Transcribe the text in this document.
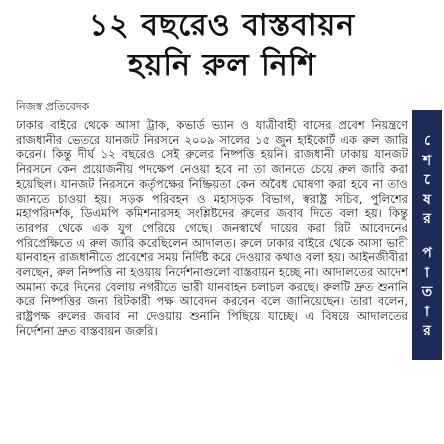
১২ বছরেও বাস্তবায়ন
হয়নি রুল নিশি
নিজস্ব প্রতিবেদক

ঢাকার বাইরে থেকে আসা ট্রাক, কভার্ড ভ্যান ও যাত্রীবাহী বাসের প্রবেশ নিয়ন্ত্রণে রাজধানীর ভেতরে যানজট নিরসনে ২০০৯ সালের ১৫ জুন হাইকোর্ট এক রুল জারি করেন। কিন্তু দীর্ঘ ১২ বছরেও সেই রুলের নিষ্পত্তি হয়নি। রাজধানী ঢাকায় যানজট নিরসনে কেন প্রয়োজনীয় পদক্ষেপ নেওয়া হবে না তা জানতে চেয়ে রুল জারি করা হয়েছিল। যানজট নিরসনে কর্তৃপক্ষের নিষ্ক্রিয়তা কেন অবৈধ ঘোষণা করা হবে না তাও জানতে চাওয়া হয়। সড়ক পরিবহন ও মহাসড়ক বিভাগ, স্বরাষ্ট্র সচিব, পুলিশের মহাপরিদর্শক, ডিএমপি কমিশনারসহ সংশ্লিষ্টদের রুলের জবাব দিতে বলা হয়। কিন্তু তারপর থেকে এক যুগ পেরিয়ে গেছে। জনস্বার্থে দায়ের করা রিট আবেদনের পরিপ্রেক্ষিতে এ রুল জারি করেছিলেন আদালত। রুলে ঢাকার বাইরে থেকে আসা ভারী যানবাহন রাজধানীতে প্রবেশের সময় নির্দিষ্ট করে দেওয়ার কথাও বলা হয়। আইনজীবীরা বলছেন, রুল নিষ্পত্তি না হওয়ায় নির্দেশনাগুলো বাস্তবায়ন হচ্ছে না। আদালতের আদেশ অমান্য করে দিনের বেলায় নগরীতে ভারী যানবাহন চলাচল করছে। রুলটি দ্রুত শুনানি করে নিষ্পত্তির জন্য রিটকারী পক্ষ আবেদন করবেন বলে জানিয়েছেন। তারা বলেন, রাষ্ট্রপক্ষ রুলের জবাব না দেওয়ায় শুনানি পিছিয়ে যাচ্ছে। এ বিষয়ে আদালতের নির্দেশনা দ্রুত বাস্তবায়ন জরুরি।	শেষের পাতার পর
